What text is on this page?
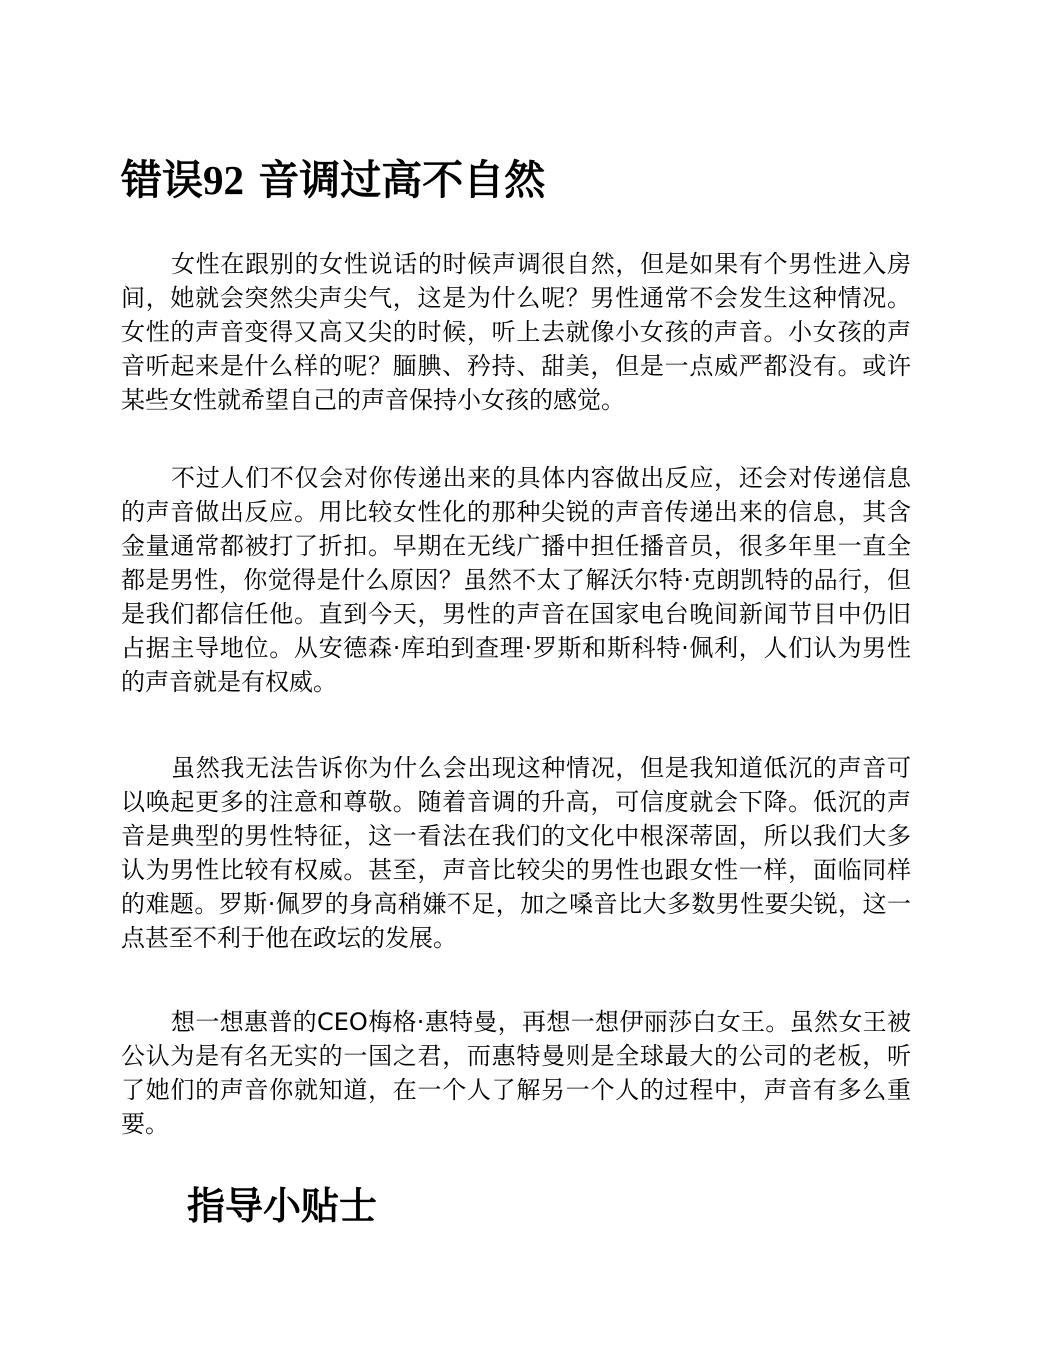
错误92 音调过高不自然

女性在跟别的女性说话的时候声调很自然，但是如果有个男性进入房间，她就会突然尖声尖气，这是为什么呢？男性通常不会发生这种情况。女性的声音变得又高又尖的时候，听上去就像小女孩的声音。小女孩的声音听起来是什么样的呢？腼腆、矜持、甜美，但是一点威严都没有。或许某些女性就希望自己的声音保持小女孩的感觉。

不过人们不仅会对你传递出来的具体内容做出反应，还会对传递信息的声音做出反应。用比较女性化的那种尖锐的声音传递出来的信息，其含金量通常都被打了折扣。早期在无线广播中担任播音员，很多年里一直全都是男性，你觉得是什么原因？虽然不太了解沃尔特·克朗凯特的品行，但是我们都信任他。直到今天，男性的声音在国家电台晚间新闻节目中仍旧占据主导地位。从安德森·库珀到查理·罗斯和斯科特·佩利，人们认为男性的声音就是有权威。

虽然我无法告诉你为什么会出现这种情况，但是我知道低沉的声音可以唤起更多的注意和尊敬。随着音调的升高，可信度就会下降。低沉的声音是典型的男性特征，这一看法在我们的文化中根深蒂固，所以我们大多认为男性比较有权威。甚至，声音比较尖的男性也跟女性一样，面临同样的难题。罗斯·佩罗的身高稍嫌不足，加之嗓音比大多数男性要尖锐，这一点甚至不利于他在政坛的发展。

想一想惠普的CEO梅格·惠特曼，再想一想伊丽莎白女王。虽然女王被公认为是有名无实的一国之君，而惠特曼则是全球最大的公司的老板，听了她们的声音你就知道，在一个人了解另一个人的过程中，声音有多么重要。

指导小贴士
